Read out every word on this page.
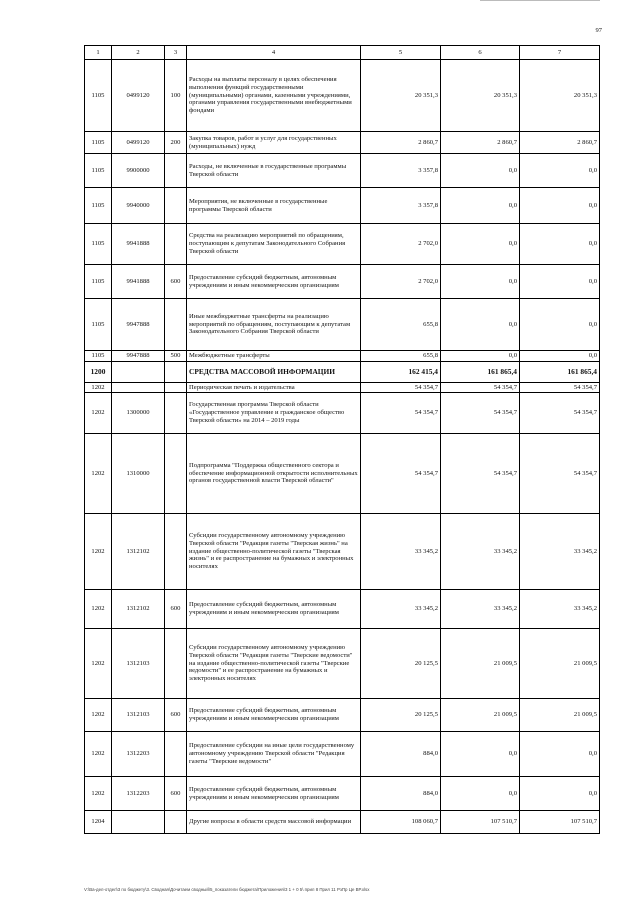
97
1	2	3	4	5	6	7
1105	0499120	100	Расходы на выплаты персоналу в целях обеспечения выполнения функций государственными (муниципальными) органами, казенными учреждениями, органами управления государственными внебюджетными фондами	20 351,3	20 351,3	20 351,3
1105	0499120	200	Закупка товаров, работ и услуг для государственных (муниципальных) нужд	2 860,7	2 860,7	2 860,7
1105	9900000		Расходы, не включенные в государственные программы Тверской области	3 357,8	0,0	0,0
1105	9940000		Мероприятия, не включенные в государственные программы Тверской области	3 357,8	0,0	0,0
1105	9941888		Средства на реализацию мероприятий по обращениям, поступающим к депутатам Законодательного Собрания Тверской области	2 702,0	0,0	0,0
1105	9941888	600	Предоставление субсидий бюджетным, автономным учреждениям и иным некоммерческим организациям	2 702,0	0,0	0,0
1105	9947888		Иные межбюджетные трансферты на реализацию мероприятий по обращениям, поступающим к депутатам Законодательного Собрания Тверской области	655,8	0,0	0,0
1105	9947888	500	Межбюджетные трансферты	655,8	0,0	0,0
1200			СРЕДСТВА МАССОВОЙ ИНФОРМАЦИИ	162 415,4	161 865,4	161 865,4
1202			Периодическая печать и издательства	54 354,7	54 354,7	54 354,7
1202	1300000		Государственная программа Тверской области «Государственное управление и гражданское общество Тверской области» на 2014 – 2019 годы	54 354,7	54 354,7	54 354,7
1202	1310000		Подпрограмма "Поддержка общественного сектора и обеспечение информационной открытости исполнительных органов государственной власти Тверской области"	54 354,7	54 354,7	54 354,7
1202	1312102		Субсидии государственному автономному учреждению Тверской области "Редакция газеты "Тверская жизнь" на издание общественно-политической газеты "Тверская жизнь" и ее распространение на бумажных и электронных носителях	33 345,2	33 345,2	33 345,2
1202	1312102	600	Предоставление субсидий бюджетным, автономным учреждениям и иным некоммерческим организациям	33 345,2	33 345,2	33 345,2
1202	1312103		Субсидии государственному автономному учреждению Тверской области "Редакция газеты "Тверские ведомости" на издание общественно-политической газеты "Тверские ведомости" и ее распространение на бумажных и электронных носителях	20 125,5	21 009,5	21 009,5
1202	1312103	600	Предоставление субсидий бюджетным, автономным учреждениям и иным некоммерческим организациям	20 125,5	21 009,5	21 009,5
1202	1312203		Предоставление субсидии на иные цели государственному автономному учреждению Тверской области "Редакция газеты "Тверские ведомости"	884,0	0,0	0,0
1202	1312203	600	Предоставление субсидий бюджетным, автономным учреждениям и иным некоммерческим организациям	884,0	0,0	0,0
1204			Другие вопросы в области средств массовой информации	108 060,7	107 510,7	107 510,7
V:\Ва-дел-отдел\3 по бюджету\3. Сводная\Дочитаем сводный\5_показатели бюджета\Приложения\3 1 + 0 5\ прил 8 Прил 11 РзПр Це ВР.xlsx
